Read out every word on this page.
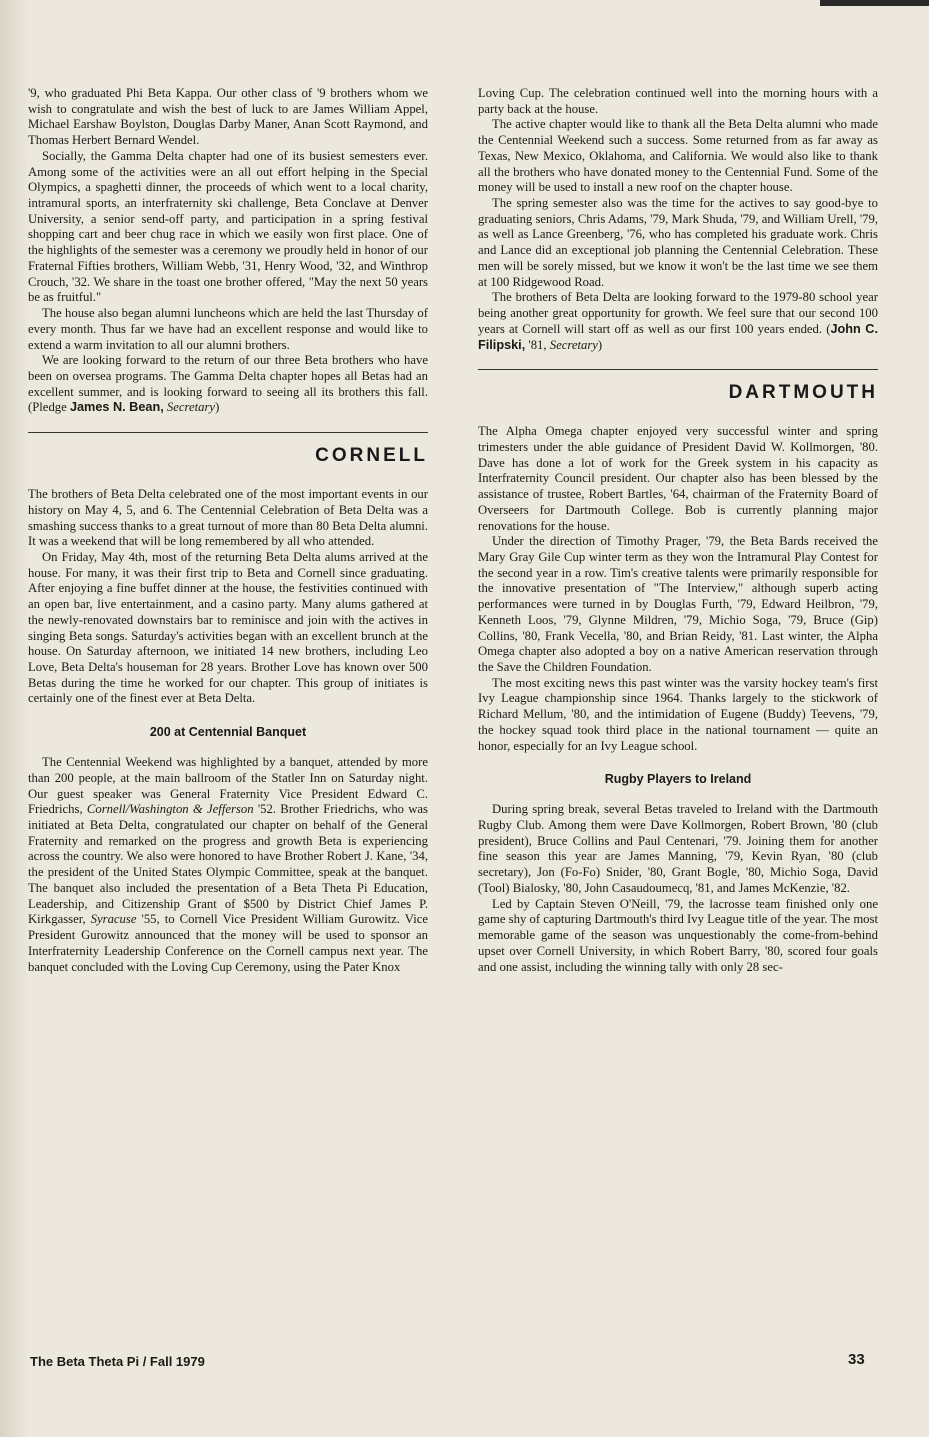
'9, who graduated Phi Beta Kappa. Our other class of '9 brothers whom we wish to congratulate and wish the best of luck to are James William Appel, Michael Earshaw Boylston, Douglas Darby Maner, Anan Scott Raymond, and Thomas Herbert Bernard Wendel.

Socially, the Gamma Delta chapter had one of its busiest semesters ever. Among some of the activities were an all out effort helping in the Special Olympics, a spaghetti dinner, the proceeds of which went to a local charity, intramural sports, an interfraternity ski challenge, Beta Conclave at Denver University, a senior send-off party, and participation in a spring festival shopping cart and beer chug race in which we easily won first place. One of the highlights of the semester was a ceremony we proudly held in honor of our Fraternal Fifties brothers, William Webb, '31, Henry Wood, '32, and Winthrop Crouch, '32. We share in the toast one brother offered, "May the next 50 years be as fruitful."

The house also began alumni luncheons which are held the last Thursday of every month. Thus far we have had an excellent response and would like to extend a warm invitation to all our alumni brothers.

We are looking forward to the return of our three Beta brothers who have been on oversea programs. The Gamma Delta chapter hopes all Betas had an excellent summer, and is looking forward to seeing all its brothers this fall. (Pledge James N. Bean, Secretary)

CORNELL

The brothers of Beta Delta celebrated one of the most important events in our history on May 4, 5, and 6. The Centennial Celebration of Beta Delta was a smashing success thanks to a great turnout of more than 80 Beta Delta alumni. It was a weekend that will be long remembered by all who attended.

On Friday, May 4th, most of the returning Beta Delta alums arrived at the house. For many, it was their first trip to Beta and Cornell since graduating. After enjoying a fine buffet dinner at the house, the festivities continued with an open bar, live entertainment, and a casino party. Many alums gathered at the newly-renovated downstairs bar to reminisce and join with the actives in singing Beta songs. Saturday's activities began with an excellent brunch at the house. On Saturday afternoon, we initiated 14 new brothers, including Leo Love, Beta Delta's houseman for 28 years. Brother Love has known over 500 Betas during the time he worked for our chapter. This group of initiates is certainly one of the finest ever at Beta Delta.

200 at Centennial Banquet

The Centennial Weekend was highlighted by a banquet, attended by more than 200 people, at the main ballroom of the Statler Inn on Saturday night. Our guest speaker was General Fraternity Vice President Edward C. Friedrichs, Cornell/Washington & Jefferson '52. Brother Friedrichs, who was initiated at Beta Delta, congratulated our chapter on behalf of the General Fraternity and remarked on the progress and growth Beta is experiencing across the country. We also were honored to have Brother Robert J. Kane, '34, the president of the United States Olympic Committee, speak at the banquet. The banquet also included the presentation of a Beta Theta Pi Education, Leadership, and Citizenship Grant of $500 by District Chief James P. Kirkgasser, Syracuse '55, to Cornell Vice President William Gurowitz. Vice President Gurowitz announced that the money will be used to sponsor an Interfraternity Leadership Conference on the Cornell campus next year. The banquet concluded with the Loving Cup Ceremony, using the Pater Knox

Loving Cup. The celebration continued well into the morning hours with a party back at the house.

The active chapter would like to thank all the Beta Delta alumni who made the Centennial Weekend such a success. Some returned from as far away as Texas, New Mexico, Oklahoma, and California. We would also like to thank all the brothers who have donated money to the Centennial Fund. Some of the money will be used to install a new roof on the chapter house.

The spring semester also was the time for the actives to say good-bye to graduating seniors, Chris Adams, '79, Mark Shuda, '79, and William Urell, '79, as well as Lance Greenberg, '76, who has completed his graduate work. Chris and Lance did an exceptional job planning the Centennial Celebration. These men will be sorely missed, but we know it won't be the last time we see them at 100 Ridgewood Road.

The brothers of Beta Delta are looking forward to the 1979-80 school year being another great opportunity for growth. We feel sure that our second 100 years at Cornell will start off as well as our first 100 years ended. (John C. Filipski, '81, Secretary)

DARTMOUTH

The Alpha Omega chapter enjoyed very successful winter and spring trimesters under the able guidance of President David W. Kollmorgen, '80. Dave has done a lot of work for the Greek system in his capacity as Interfraternity Council president. Our chapter also has been blessed by the assistance of trustee, Robert Bartles, '64, chairman of the Fraternity Board of Overseers for Dartmouth College. Bob is currently planning major renovations for the house.

Under the direction of Timothy Prager, '79, the Beta Bards received the Mary Gray Gile Cup winter term as they won the Intramural Play Contest for the second year in a row. Tim's creative talents were primarily responsible for the innovative presentation of "The Interview," although superb acting performances were turned in by Douglas Furth, '79, Edward Heilbron, '79, Kenneth Loos, '79, Glynne Mildren, '79, Michio Soga, '79, Bruce (Gip) Collins, '80, Frank Vecella, '80, and Brian Reidy, '81. Last winter, the Alpha Omega chapter also adopted a boy on a native American reservation through the Save the Children Foundation.

The most exciting news this past winter was the varsity hockey team's first Ivy League championship since 1964. Thanks largely to the stickwork of Richard Mellum, '80, and the intimidation of Eugene (Buddy) Teevens, '79, the hockey squad took third place in the national tournament — quite an honor, especially for an Ivy League school.

Rugby Players to Ireland

During spring break, several Betas traveled to Ireland with the Dartmouth Rugby Club. Among them were Dave Kollmorgen, Robert Brown, '80 (club president), Bruce Collins and Paul Centenari, '79. Joining them for another fine season this year are James Manning, '79, Kevin Ryan, '80 (club secretary), Jon (Fo-Fo) Snider, '80, Grant Bogle, '80, Michio Soga, David (Tool) Bialosky, '80, John Casaudoumecq, '81, and James McKenzie, '82.

Led by Captain Steven O'Neill, '79, the lacrosse team finished only one game shy of capturing Dartmouth's third Ivy League title of the year. The most memorable game of the season was unquestionably the come-from-behind upset over Cornell University, in which Robert Barry, '80, scored four goals and one assist, including the winning tally with only 28 sec-

The Beta Theta Pi / Fall 1979	33
